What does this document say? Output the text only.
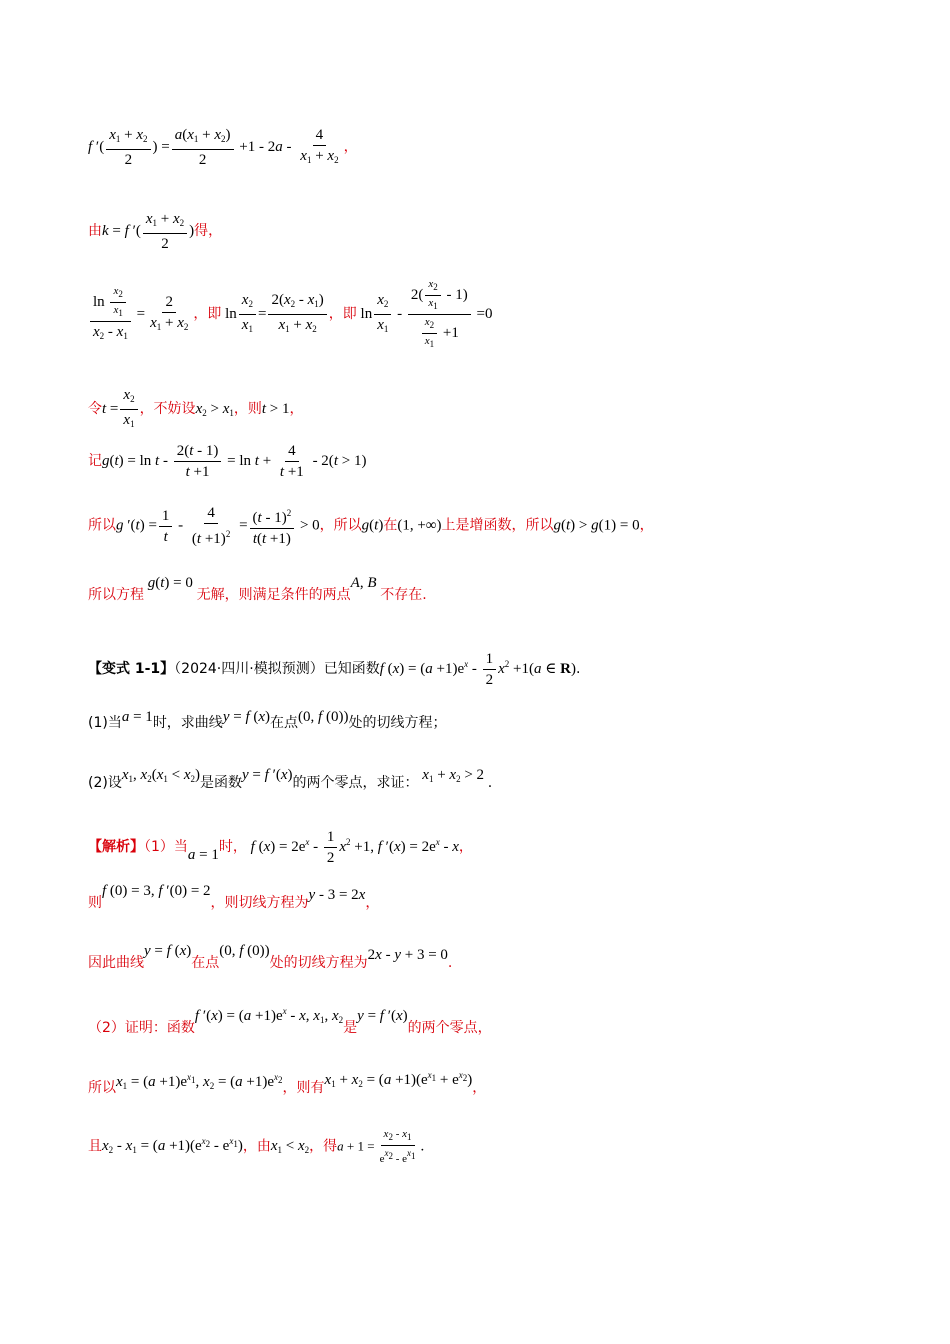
f ′( $\frac{x_1 + x_2}{2}$ ) = $\frac{a(x_1 + x_2)}{2} +1 - 2a - \frac{4}{x_1 + x_2}$ ，
由k = f ′( $\frac{x_1 + x_2}{2}$ )得，
$\frac{\ln \frac{x_2}{x_1}}{x_2 - x_1} = \frac{2}{x_1 + x_2}$ ，即 $\ln \frac{x_2}{x_1} = \frac{2(x_2 - x_1)}{x_1 + x_2}$ ，即 $\ln \frac{x_2}{x_1} - \frac{2( \frac{x_2}{x_1} - 1)}{\frac{x_2}{x_1} +1} =0$
令$t = \frac{x_2}{x_1}$ ，不妨设$x_2 > x_1$，则t > 1，
记$g(t) = \ln t - \frac{2(t - 1)}{t +1} = \ln t + \frac{4}{t +1} - 2(t > 1)$
所以g $'(t) = \frac{1}{t} - \frac{4}{(t +1)^2} = \frac{(t - 1)^2}{t(t +1)} > 0$，所以g(t)在(1, +∞)上是增函数，所以g(t) > g(1) = 0，
所以方程 g(t) = 0 无解，则满足条件的两点A, B 不存在.
【变式 1-1】（2024·四川·模拟预测）已知函数f $(x) = (a +1)e^x - \frac{1}{2} x^2 +1(a$ ∈ R).
(1)当a = 1时，求曲线y = f (x)在点(0, f (0))处的切线方程；
(2)设$x_1$, $x_2(x_1 < x_2)$是函数y = f ′(x)的两个零点，求证： $x_1 + x_2 > 2$ .
【解析】（1）当a = 1时， f $(x) = 2e^x - \frac{1}{2} x^2 +1$, f $'(x) = 2e^x - x$，
则f (0) = 3, f ′(0) = 2，则切线方程为y - 3 = 2x，
因此曲线y = f (x)在点(0, f (0))处的切线方程为2x - y + 3 = 0.
（2）证明：函数f $'(x) = (a +1)e^x - x$, $x_1$, $x_2$是y = f ′(x)的两个零点，
所以$x_1 = (a +1)e^{x_1}$, $x_2 = (a +1)e^{x_2}$，则有$x_1 + x_2 = (a +1)(e^{x_1} + e^{x_2})$，
且$x_2 - x_1 = (a +1)(e^{x_2} - e^{x_1})$，由$x_1 < x_2$，得$a + 1 = \frac{x_2 - x_1}{e^{x_2} - e^{x_1}}$ .
